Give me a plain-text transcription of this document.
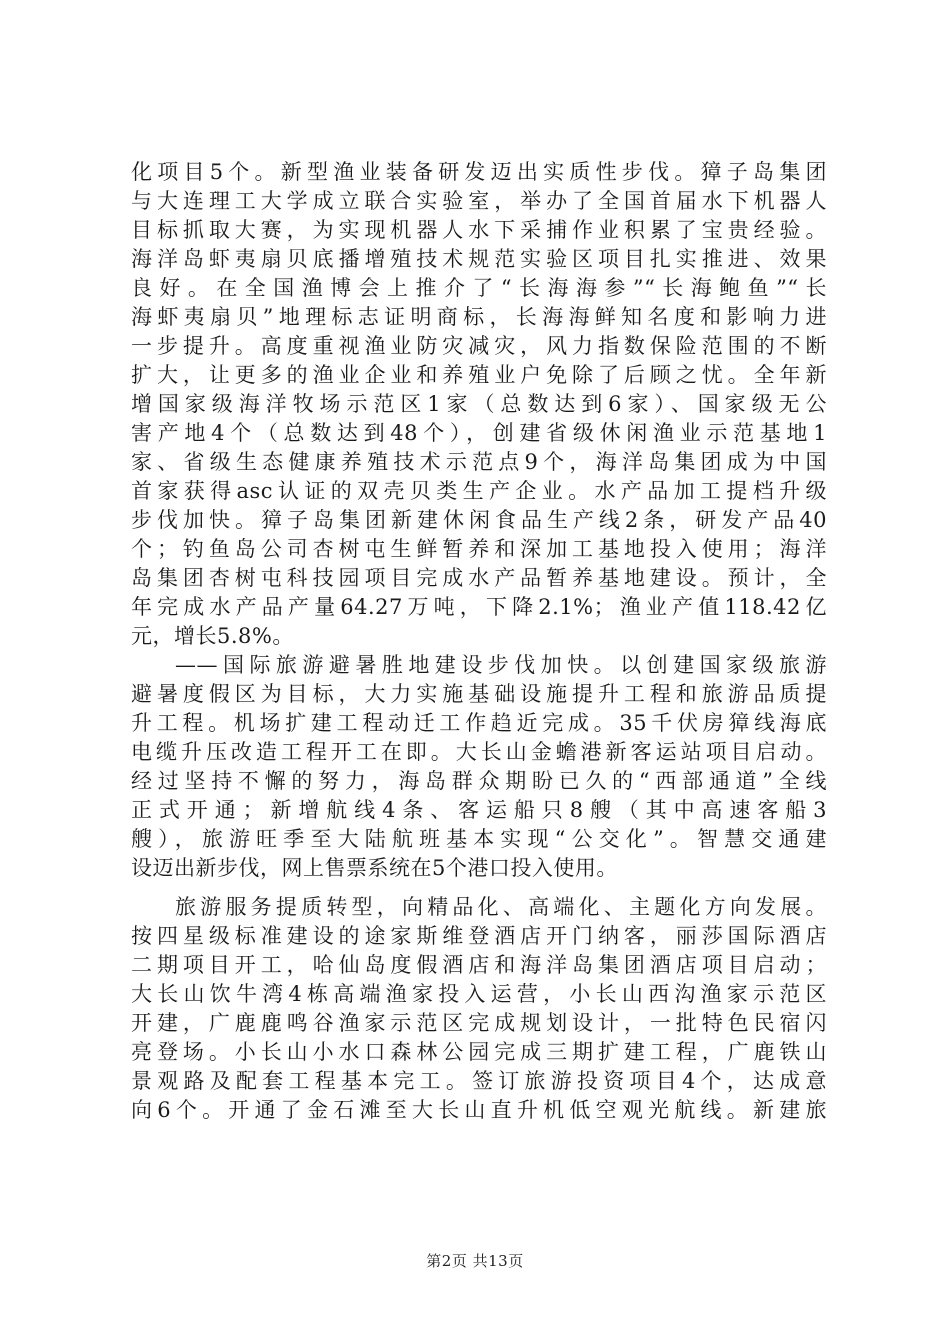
化项目5个。新型渔业装备研发迈出实质性步伐。獐子岛集团
与大连理工大学成立联合实验室，举办了全国首届水下机器人
目标抓取大赛，为实现机器人水下采捕作业积累了宝贵经验。
海洋岛虾夷扇贝底播增殖技术规范实验区项目扎实推进、效果
良好。在全国渔博会上推介了“长海海参”“长海鲍鱼”“长
海虾夷扇贝”地理标志证明商标，长海海鲜知名度和影响力进
一步提升。高度重视渔业防灾减灾，风力指数保险范围的不断
扩大，让更多的渔业企业和养殖业户免除了后顾之忧。全年新
增国家级海洋牧场示范区1家（总数达到6家）、国家级无公
害产地4个（总数达到48个），创建省级休闲渔业示范基地1
家、省级生态健康养殖技术示范点9个，海洋岛集团成为中国
首家获得asc认证的双壳贝类生产企业。水产品加工提档升级
步伐加快。獐子岛集团新建休闲食品生产线2条，研发产品40
个；钓鱼岛公司杏树屯生鲜暂养和深加工基地投入使用；海洋
岛集团杏树屯科技园项目完成水产品暂养基地建设。预计，全
年完成水产品产量64.27万吨，下降2.1%；渔业产值118.42亿
元，增长5.8%。
——国际旅游避暑胜地建设步伐加快。以创建国家级旅游
避暑度假区为目标，大力实施基础设施提升工程和旅游品质提
升工程。机场扩建工程动迁工作趋近完成。35千伏房獐线海底
电缆升压改造工程开工在即。大长山金蟾港新客运站项目启动。
经过坚持不懈的努力，海岛群众期盼已久的“西部通道”全线
正式开通；新增航线4条、客运船只8艘（其中高速客船3
艘），旅游旺季至大陆航班基本实现“公交化”。智慧交通建
设迈出新步伐，网上售票系统在5个港口投入使用。
旅游服务提质转型，向精品化、高端化、主题化方向发展。
按四星级标准建设的途家斯维登酒店开门纳客，丽莎国际酒店
二期项目开工，哈仙岛度假酒店和海洋岛集团酒店项目启动；
大长山饮牛湾4栋高端渔家投入运营，小长山西沟渔家示范区
开建，广鹿鹿鸣谷渔家示范区完成规划设计，一批特色民宿闪
亮登场。小长山小水口森林公园完成三期扩建工程，广鹿铁山
景观路及配套工程基本完工。签订旅游投资项目4个，达成意
向6个。开通了金石滩至大长山直升机低空观光航线。新建旅
第2页 共13页
